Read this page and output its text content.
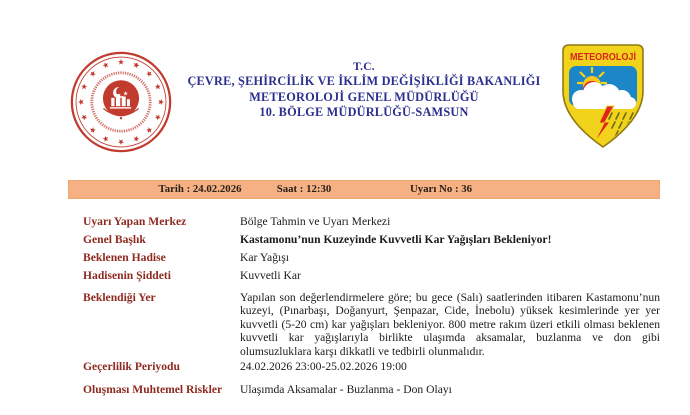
T.C.
ÇEVRE, ŞEHİRCİLİK VE İKLİM DEĞİŞİKLİĞİ BAKANLIĞI
METEOROLOJİ GENEL MÜDÜRLÜĞÜ
10. BÖLGE MÜDÜRLÜĞÜ-SAMSUN
METEOROLOJİ
Tarih : 24.02.2026	Saat : 12:30	Uyarı No : 36
Uyarı Yapan Merkez	Bölge Tahmin ve Uyarı Merkezi
Genel Başlık	Kastamonu’nun Kuzeyinde Kuvvetli Kar Yağışları Bekleniyor!
Beklenen Hadise	Kar Yağışı
Hadisenin Şiddeti	Kuvvetli Kar
Beklendiği Yer	Yapılan son değerlendirmelere göre; bu gece (Salı) saatlerinden itibaren Kastamonu’nun kuzeyi, (Pınarbaşı, Doğanyurt, Şenpazar, Cide, İnebolu) yüksek kesimlerinde yer yer kuvvetli (5-20 cm) kar yağışları bekleniyor. 800 metre rakım üzeri etkili olması beklenen kuvvetli kar yağışlarıyla birlikte ulaşımda aksamalar, buzlanma ve don gibi olumsuzluklara karşı dikkatli ve tedbirli olunmalıdır.
Geçerlilik Periyodu	24.02.2026 23:00-25.02.2026 19:00
Oluşması Muhtemel Riskler	Ulaşımda Aksamalar - Buzlanma - Don Olayı
